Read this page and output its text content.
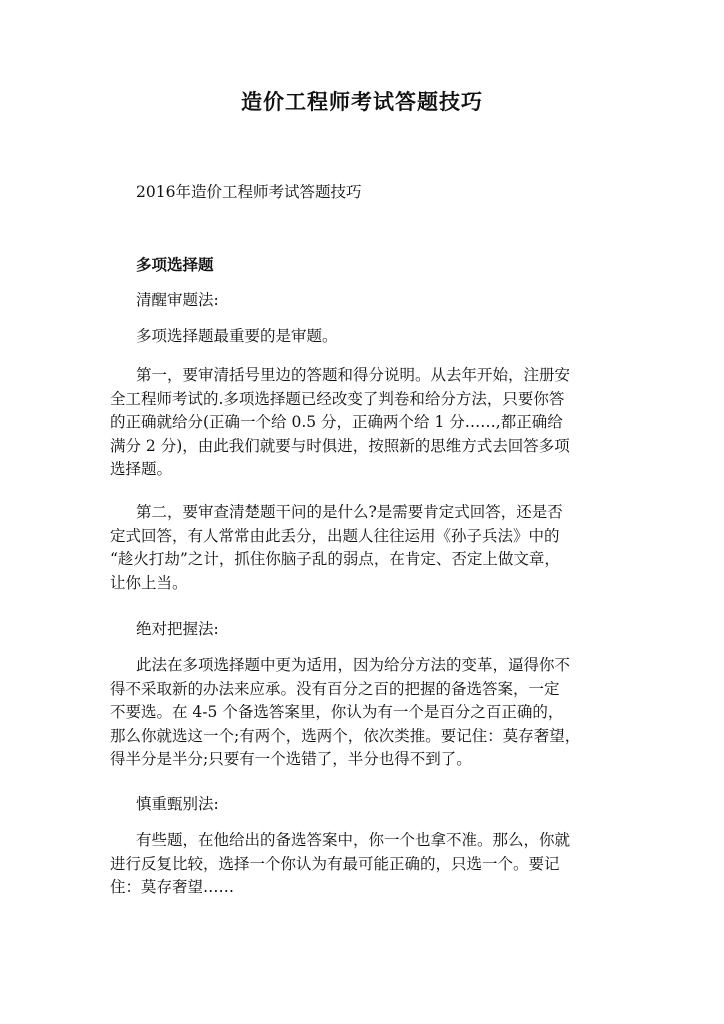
造价工程师考试答题技巧
2016年造价工程师考试答题技巧
多项选择题
清醒审题法:
多项选择题最重要的是审题。
第一，要审清括号里边的答题和得分说明。从去年开始，注册安
全工程师考试的.多项选择题已经改变了判卷和给分方法，只要你答
的正确就给分(正确一个给 0.5 分，正确两个给 1 分……,都正确给
满分 2 分)，由此我们就要与时俱进，按照新的思维方式去回答多项
选择题。
第二，要审查清楚题干问的是什么?是需要肯定式回答，还是否
定式回答，有人常常由此丢分，出题人往往运用《孙子兵法》中的
“趁火打劫”之计，抓住你脑子乱的弱点，在肯定、否定上做文章，
让你上当。
绝对把握法:
此法在多项选择题中更为适用，因为给分方法的变革，逼得你不
得不采取新的办法来应承。没有百分之百的把握的备选答案，一定
不要选。在 4-5 个备选答案里，你认为有一个是百分之百正确的，
那么你就选这一个;有两个，选两个，依次类推。要记住：莫存奢望，
得半分是半分;只要有一个选错了，半分也得不到了。
慎重甄别法:
有些题，在他给出的备选答案中，你一个也拿不准。那么，你就
进行反复比较，选择一个你认为有最可能正确的，只选一个。要记
住：莫存奢望……
